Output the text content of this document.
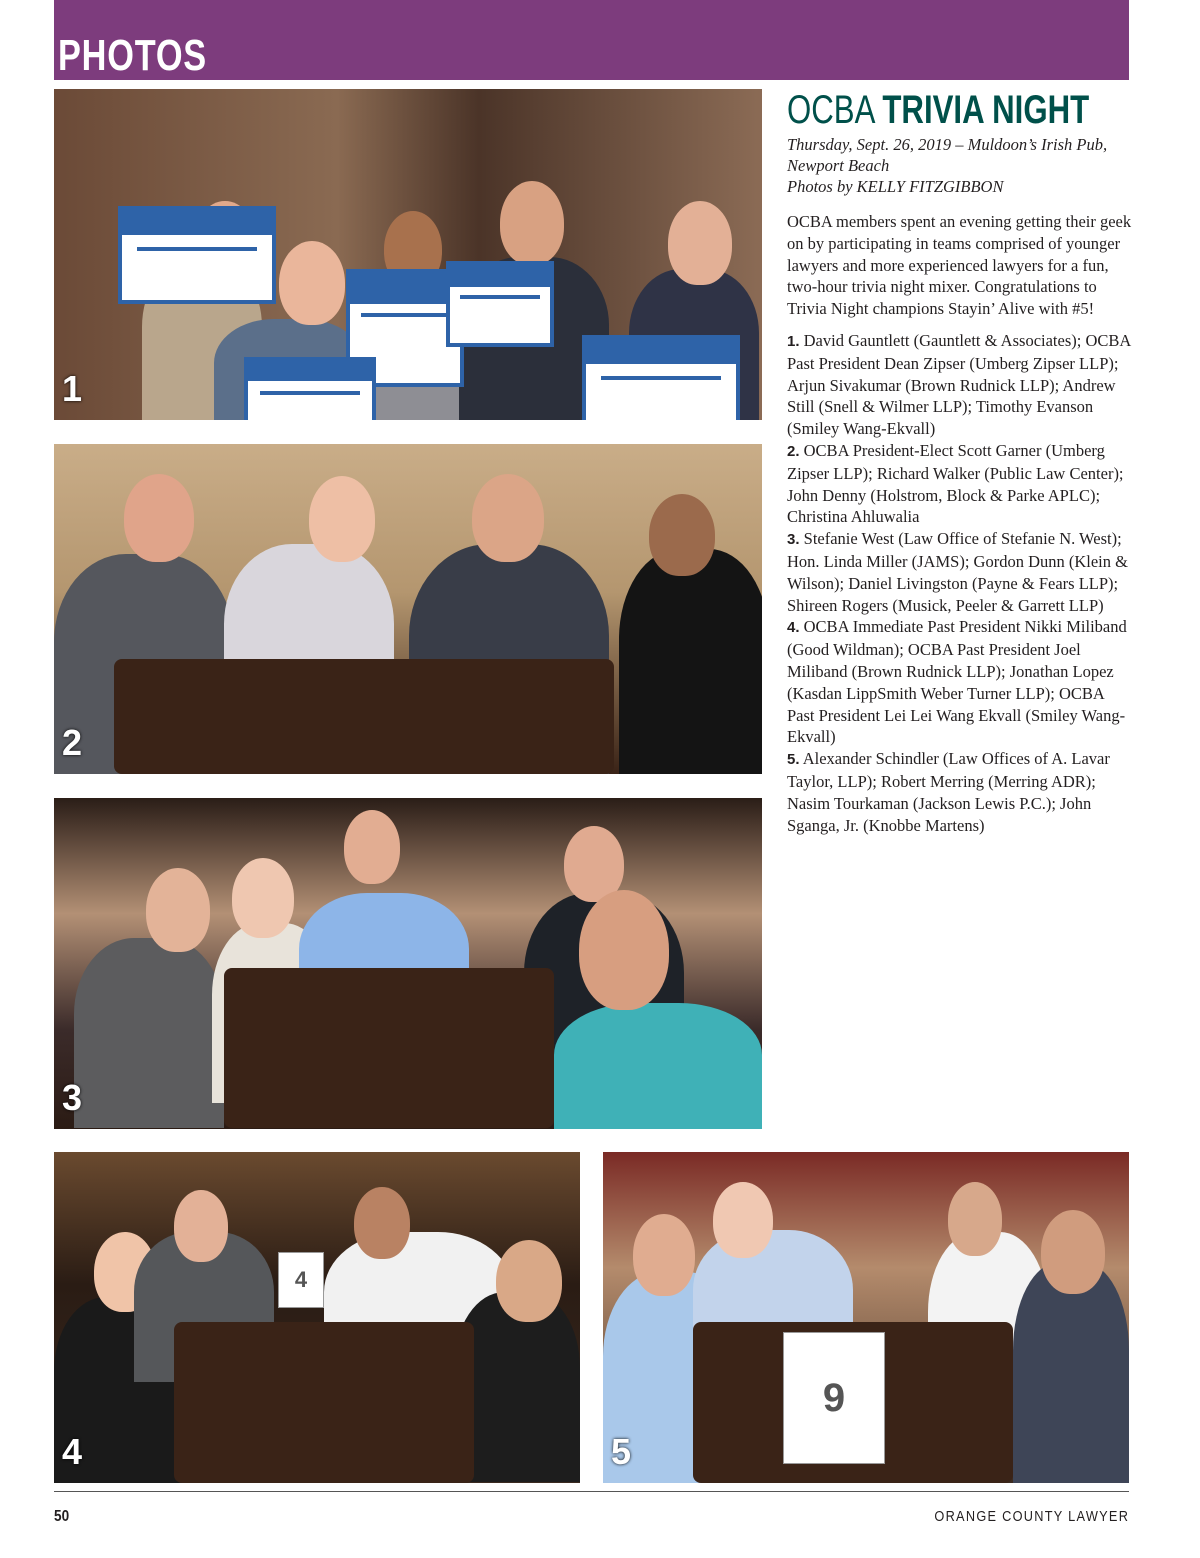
PHOTOS
1
2
3
4
4
9
5
OCBA TRIVIA NIGHT
Thursday, Sept. 26, 2019 – Muldoon’s Irish Pub, Newport Beach
Photos by KELLY FITZGIBBON
OCBA members spent an evening getting their geek on by participating in teams comprised of younger lawyers and more experienced lawyers for a fun, two-hour trivia night mixer. Congratulations to Trivia Night champions Stayin’ Alive with #5!
1. David Gauntlett (Gauntlett & Associates); OCBA Past President Dean Zipser (Umberg Zipser LLP); Arjun Sivakumar (Brown Rudnick LLP); Andrew Still (Snell & Wilmer LLP); Timothy Evanson (Smiley Wang-Ekvall)
2. OCBA President-Elect Scott Garner (Umberg Zipser LLP); Richard Walker (Public Law Center); John Denny (Holstrom, Block & Parke APLC); Christina Ahluwalia
3. Stefanie West (Law Office of Stefanie N. West); Hon. Linda Miller (JAMS); Gordon Dunn (Klein & Wilson); Daniel Livingston (Payne & Fears LLP); Shireen Rogers (Musick, Peeler & Garrett LLP)
4. OCBA Immediate Past President Nikki Miliband (Good Wildman); OCBA Past President Joel Miliband (Brown Rudnick LLP); Jonathan Lopez (Kasdan LippSmith Weber Turner LLP); OCBA Past President Lei Lei Wang Ekvall (Smiley Wang-Ekvall)
5. Alexander Schindler (Law Offices of A. Lavar Taylor, LLP); Robert Merring (Merring ADR); Nasim Tourkaman (Jackson Lewis P.C.); John Sganga, Jr. (Knobbe Martens)
50	ORANGE COUNTY LAWYER
